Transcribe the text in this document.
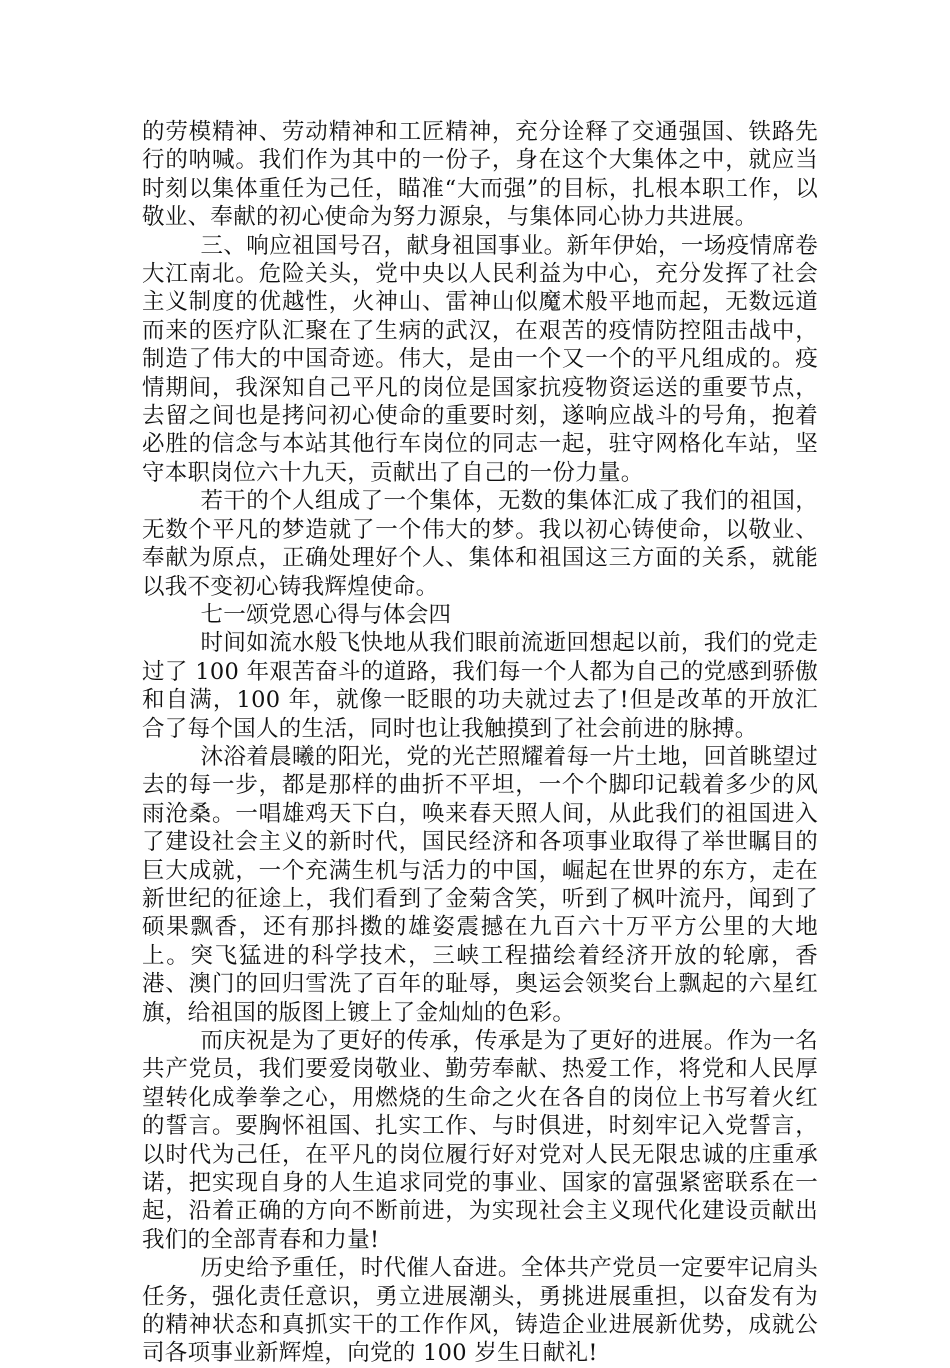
的劳模精神、劳动精神和工匠精神，充分诠释了交通强国、铁路先行的呐喊。我们作为其中的一份子，身在这个大集体之中，就应当时刻以集体重任为己任，瞄准“大而强”的目标，扎根本职工作，以敬业、奉献的初心使命为努力源泉，与集体同心协力共进展。

三、响应祖国号召，献身祖国事业。新年伊始，一场疫情席卷大江南北。危险关头，党中央以人民利益为中心，充分发挥了社会主义制度的优越性，火神山、雷神山似魔术般平地而起，无数远道而来的医疗队汇聚在了生病的武汉，在艰苦的疫情防控阻击战中，制造了伟大的中国奇迹。伟大，是由一个又一个的平凡组成的。疫情期间，我深知自己平凡的岗位是国家抗疫物资运送的重要节点，去留之间也是拷问初心使命的重要时刻，遂响应战斗的号角，抱着必胜的信念与本站其他行车岗位的同志一起，驻守网格化车站，坚守本职岗位六十九天，贡献出了自己的一份力量。

若干的个人组成了一个集体，无数的集体汇成了我们的祖国，无数个平凡的梦造就了一个伟大的梦。我以初心铸使命，以敬业、奉献为原点，正确处理好个人、集体和祖国这三方面的关系，就能以我不变初心铸我辉煌使命。

七一颂党恩心得与体会四

时间如流水般飞快地从我们眼前流逝回想起以前，我们的党走过了 100 年艰苦奋斗的道路，我们每一个人都为自己的党感到骄傲和自满，100 年，就像一眨眼的功夫就过去了!但是改革的开放汇合了每个国人的生活，同时也让我触摸到了社会前进的脉搏。

沐浴着晨曦的阳光，党的光芒照耀着每一片土地，回首眺望过去的每一步，都是那样的曲折不平坦，一个个脚印记载着多少的风雨沧桑。一唱雄鸡天下白，唤来春天照人间，从此我们的祖国进入了建设社会主义的新时代，国民经济和各项事业取得了举世瞩目的巨大成就，一个充满生机与活力的中国，崛起在世界的东方，走在新世纪的征途上，我们看到了金菊含笑，听到了枫叶流丹，闻到了硕果飘香，还有那抖擞的雄姿震撼在九百六十万平方公里的大地上。突飞猛进的科学技术，三峡工程描绘着经济开放的轮廓，香港、澳门的回归雪洗了百年的耻辱，奥运会领奖台上飘起的六星红旗，给祖国的版图上镀上了金灿灿的色彩。

而庆祝是为了更好的传承，传承是为了更好的进展。作为一名共产党员，我们要爱岗敬业、勤劳奉献、热爱工作，将党和人民厚望转化成拳拳之心，用燃烧的生命之火在各自的岗位上书写着火红的誓言。要胸怀祖国、扎实工作、与时俱进，时刻牢记入党誓言，以时代为己任，在平凡的岗位履行好对党对人民无限忠诚的庄重承诺，把实现自身的人生追求同党的事业、国家的富强紧密联系在一起，沿着正确的方向不断前进，为实现社会主义现代化建设贡献出我们的全部青春和力量!

历史给予重任，时代催人奋进。全体共产党员一定要牢记肩头任务，强化责任意识，勇立进展潮头，勇挑进展重担，以奋发有为的精神状态和真抓实干的工作作风，铸造企业进展新优势，成就公司各项事业新辉煌，向党的 100 岁生日献礼!
